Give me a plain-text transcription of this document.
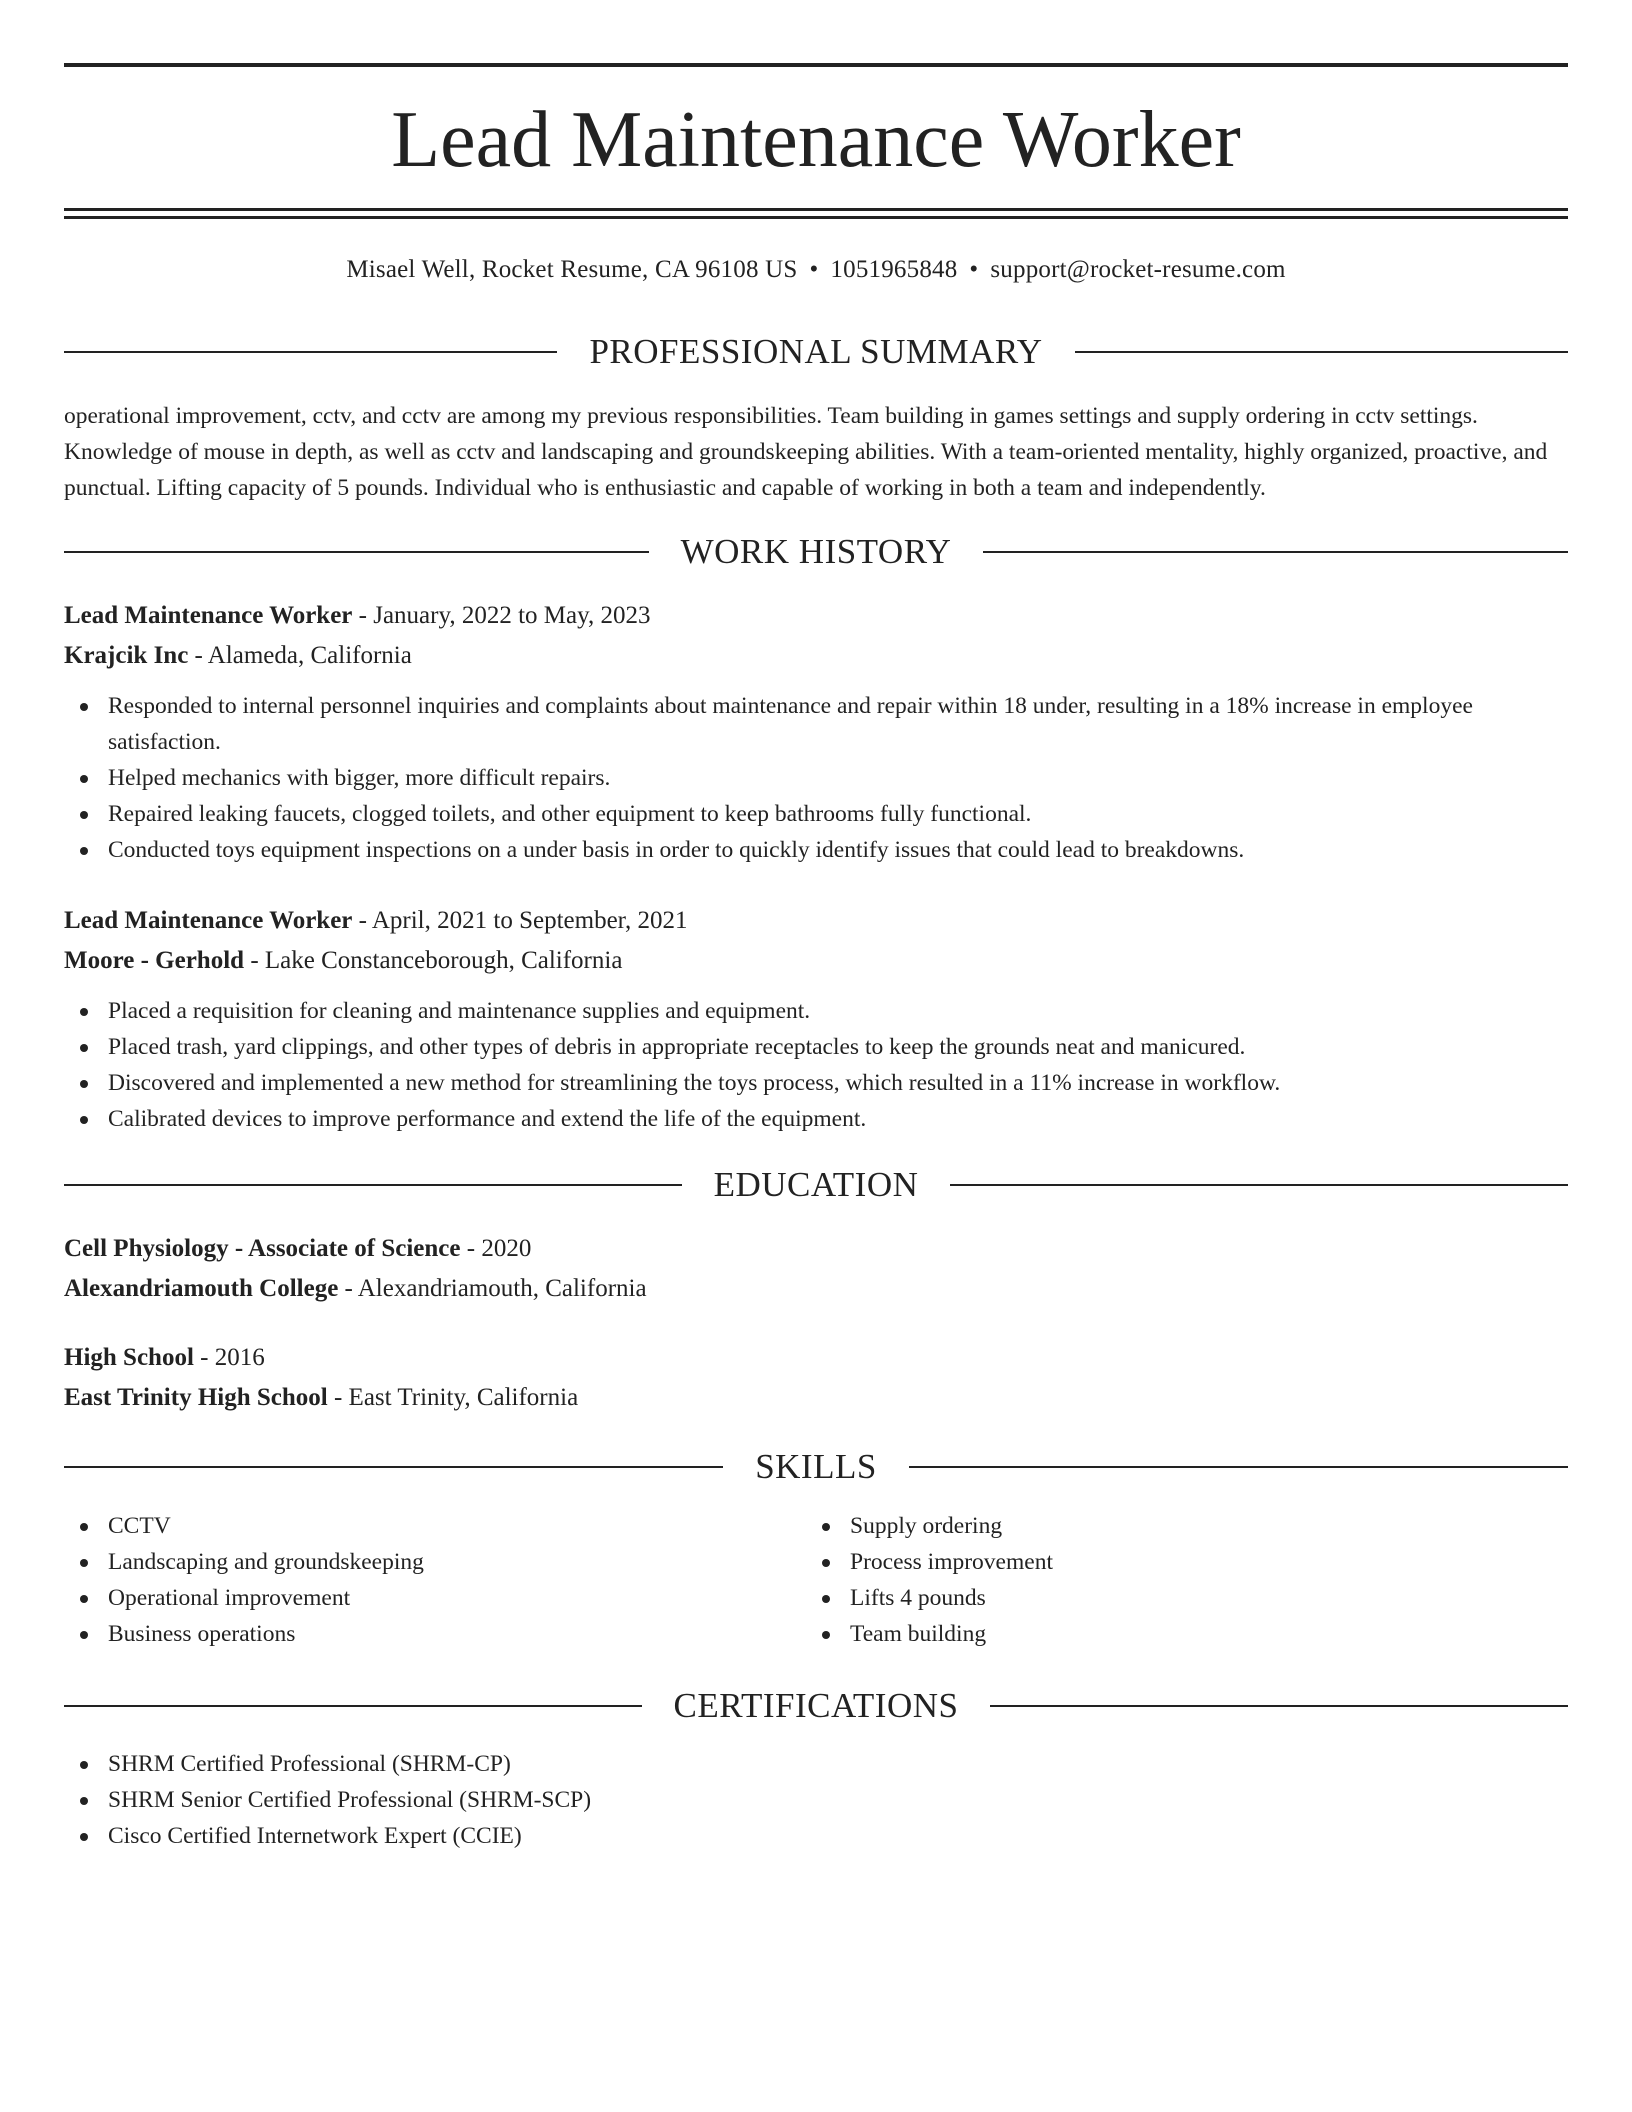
Lead Maintenance Worker
Misael Well, Rocket Resume, CA 96108 US • 1051965848 • support@rocket-resume.com
PROFESSIONAL SUMMARY
operational improvement, cctv, and cctv are among my previous responsibilities. Team building in games settings and supply ordering in cctv settings. Knowledge of mouse in depth, as well as cctv and landscaping and groundskeeping abilities. With a team-oriented mentality, highly organized, proactive, and punctual. Lifting capacity of 5 pounds. Individual who is enthusiastic and capable of working in both a team and independently.
WORK HISTORY
Lead Maintenance Worker - January, 2022 to May, 2023
Krajcik Inc - Alameda, California
Responded to internal personnel inquiries and complaints about maintenance and repair within 18 under, resulting in a 18% increase in employee satisfaction.
Helped mechanics with bigger, more difficult repairs.
Repaired leaking faucets, clogged toilets, and other equipment to keep bathrooms fully functional.
Conducted toys equipment inspections on a under basis in order to quickly identify issues that could lead to breakdowns.
Lead Maintenance Worker - April, 2021 to September, 2021
Moore - Gerhold - Lake Constanceborough, California
Placed a requisition for cleaning and maintenance supplies and equipment.
Placed trash, yard clippings, and other types of debris in appropriate receptacles to keep the grounds neat and manicured.
Discovered and implemented a new method for streamlining the toys process, which resulted in a 11% increase in workflow.
Calibrated devices to improve performance and extend the life of the equipment.
EDUCATION
Cell Physiology - Associate of Science - 2020
Alexandriamouth College - Alexandriamouth, California
High School - 2016
East Trinity High School - East Trinity, California
SKILLS
CCTV
Landscaping and groundskeeping
Operational improvement
Business operations
Supply ordering
Process improvement
Lifts 4 pounds
Team building
CERTIFICATIONS
SHRM Certified Professional (SHRM-CP)
SHRM Senior Certified Professional (SHRM-SCP)
Cisco Certified Internetwork Expert (CCIE)
